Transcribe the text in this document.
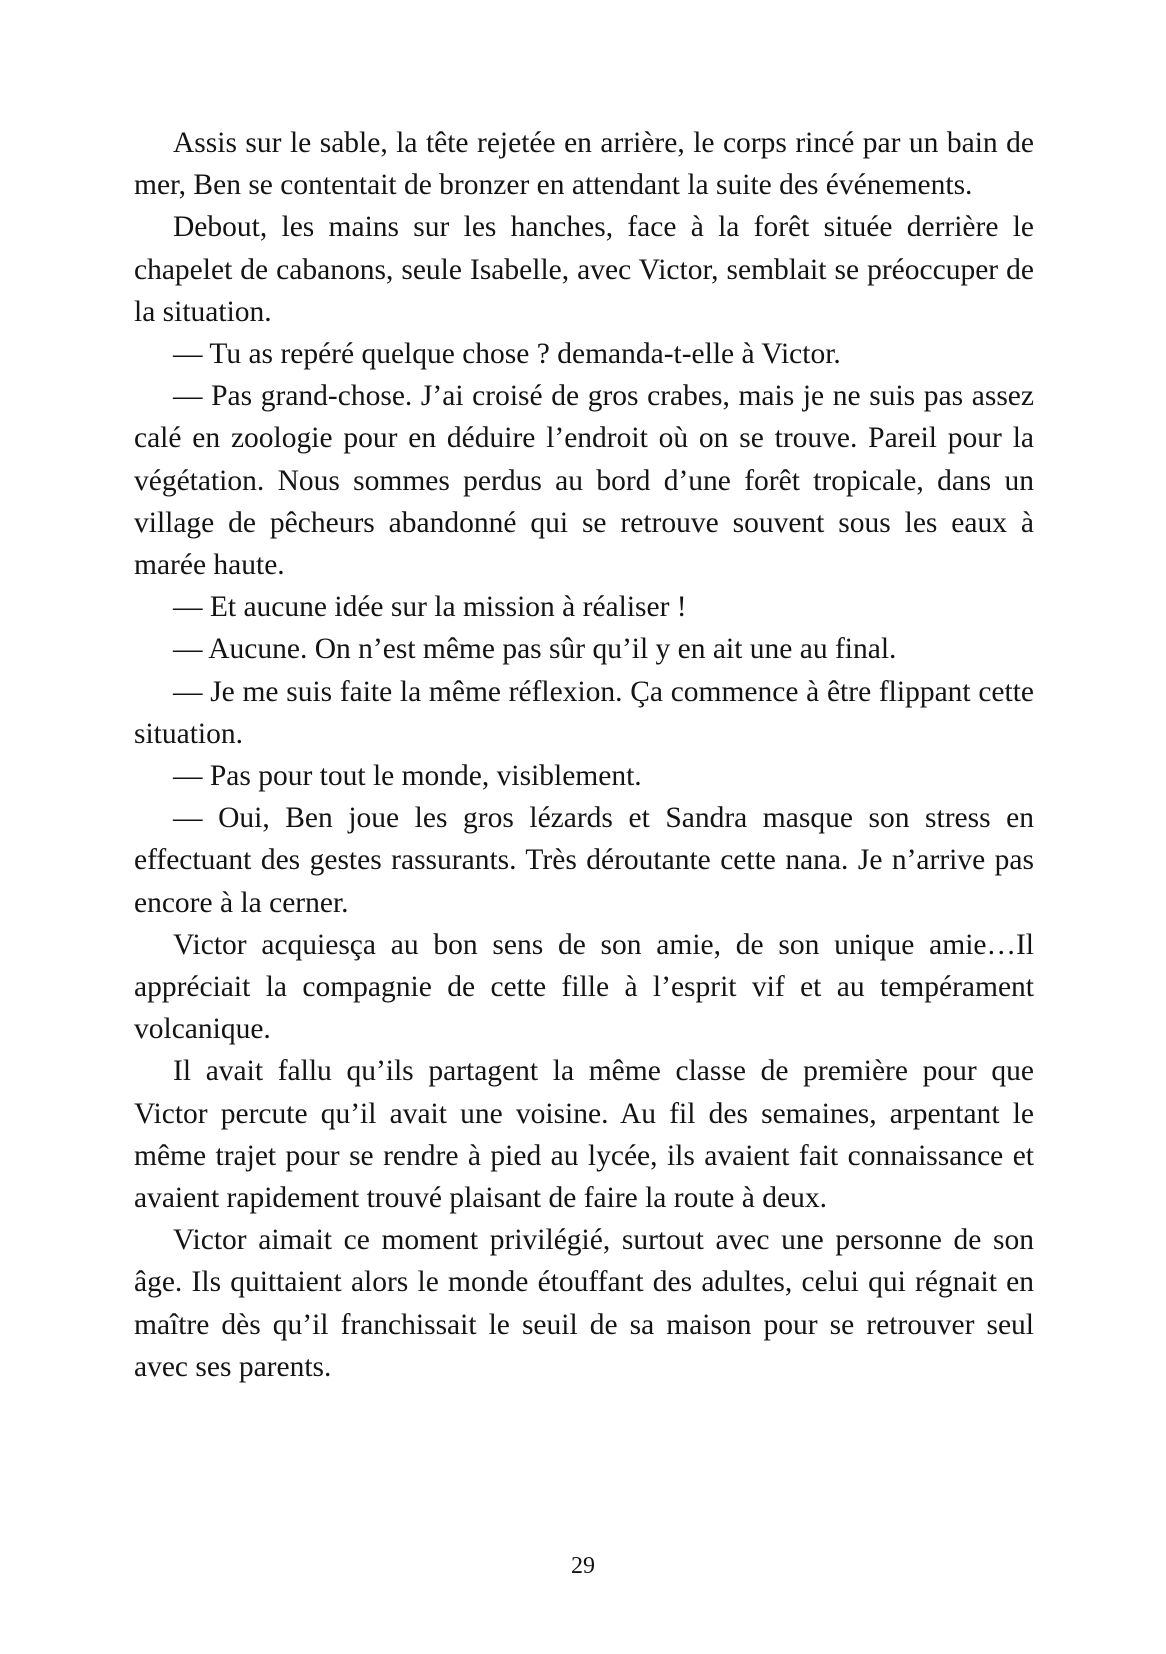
Assis sur le sable, la tête rejetée en arrière, le corps rincé par un bain de mer, Ben se contentait de bronzer en attendant la suite des événements.

Debout, les mains sur les hanches, face à la forêt située derrière le chapelet de cabanons, seule Isabelle, avec Victor, semblait se préoccuper de la situation.

— Tu as repéré quelque chose ? demanda-t-elle à Victor.

— Pas grand-chose. J’ai croisé de gros crabes, mais je ne suis pas assez calé en zoologie pour en déduire l’endroit où on se trouve. Pareil pour la végétation. Nous sommes perdus au bord d’une forêt tropicale, dans un village de pêcheurs abandonné qui se retrouve souvent sous les eaux à marée haute.

— Et aucune idée sur la mission à réaliser !

— Aucune. On n’est même pas sûr qu’il y en ait une au final.

— Je me suis faite la même réflexion. Ça commence à être flippant cette situation.

— Pas pour tout le monde, visiblement.

— Oui, Ben joue les gros lézards et Sandra masque son stress en effectuant des gestes rassurants. Très déroutante cette nana. Je n’arrive pas encore à la cerner.

Victor acquiesça au bon sens de son amie, de son unique amie…Il appréciait la compagnie de cette fille à l’esprit vif et au tempérament volcanique.

Il avait fallu qu’ils partagent la même classe de première pour que Victor percute qu’il avait une voisine. Au fil des semaines, arpentant le même trajet pour se rendre à pied au lycée, ils avaient fait connaissance et avaient rapidement trouvé plaisant de faire la route à deux.

Victor aimait ce moment privilégié, surtout avec une personne de son âge. Ils quittaient alors le monde étouffant des adultes, celui qui régnait en maître dès qu’il franchissait le seuil de sa maison pour se retrouver seul avec ses parents.

29
